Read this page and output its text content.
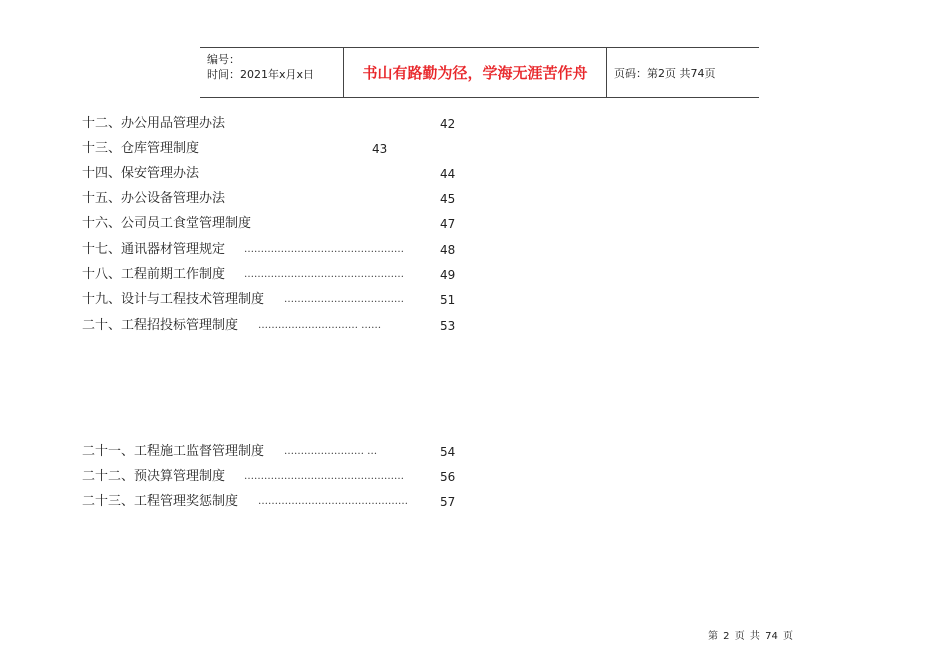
编号：
时间：2021年x月x日	书山有路勤为径，学海无涯苦作舟	页码：第2页 共74页
十二、办公用品管理办法	42
十三、仓库管理制度	43
十四、保安管理办法	44
十五、办公设备管理办法	45
十六、公司员工食堂管理制度	47
十七、通讯器材管理规定 …………………………………………	48
十八、工程前期工作制度 …………………………………………	49
十九、设计与工程技术管理制度 ………………………………	51
二十、工程招投标管理制度 ………………………… ……	53
二十一、工程施工监督管理制度 …………………… …	54
二十二、预决算管理制度 …………………………………………	56
二十三、工程管理奖惩制度 ………………………………………	57
第 2 页 共 74 页
